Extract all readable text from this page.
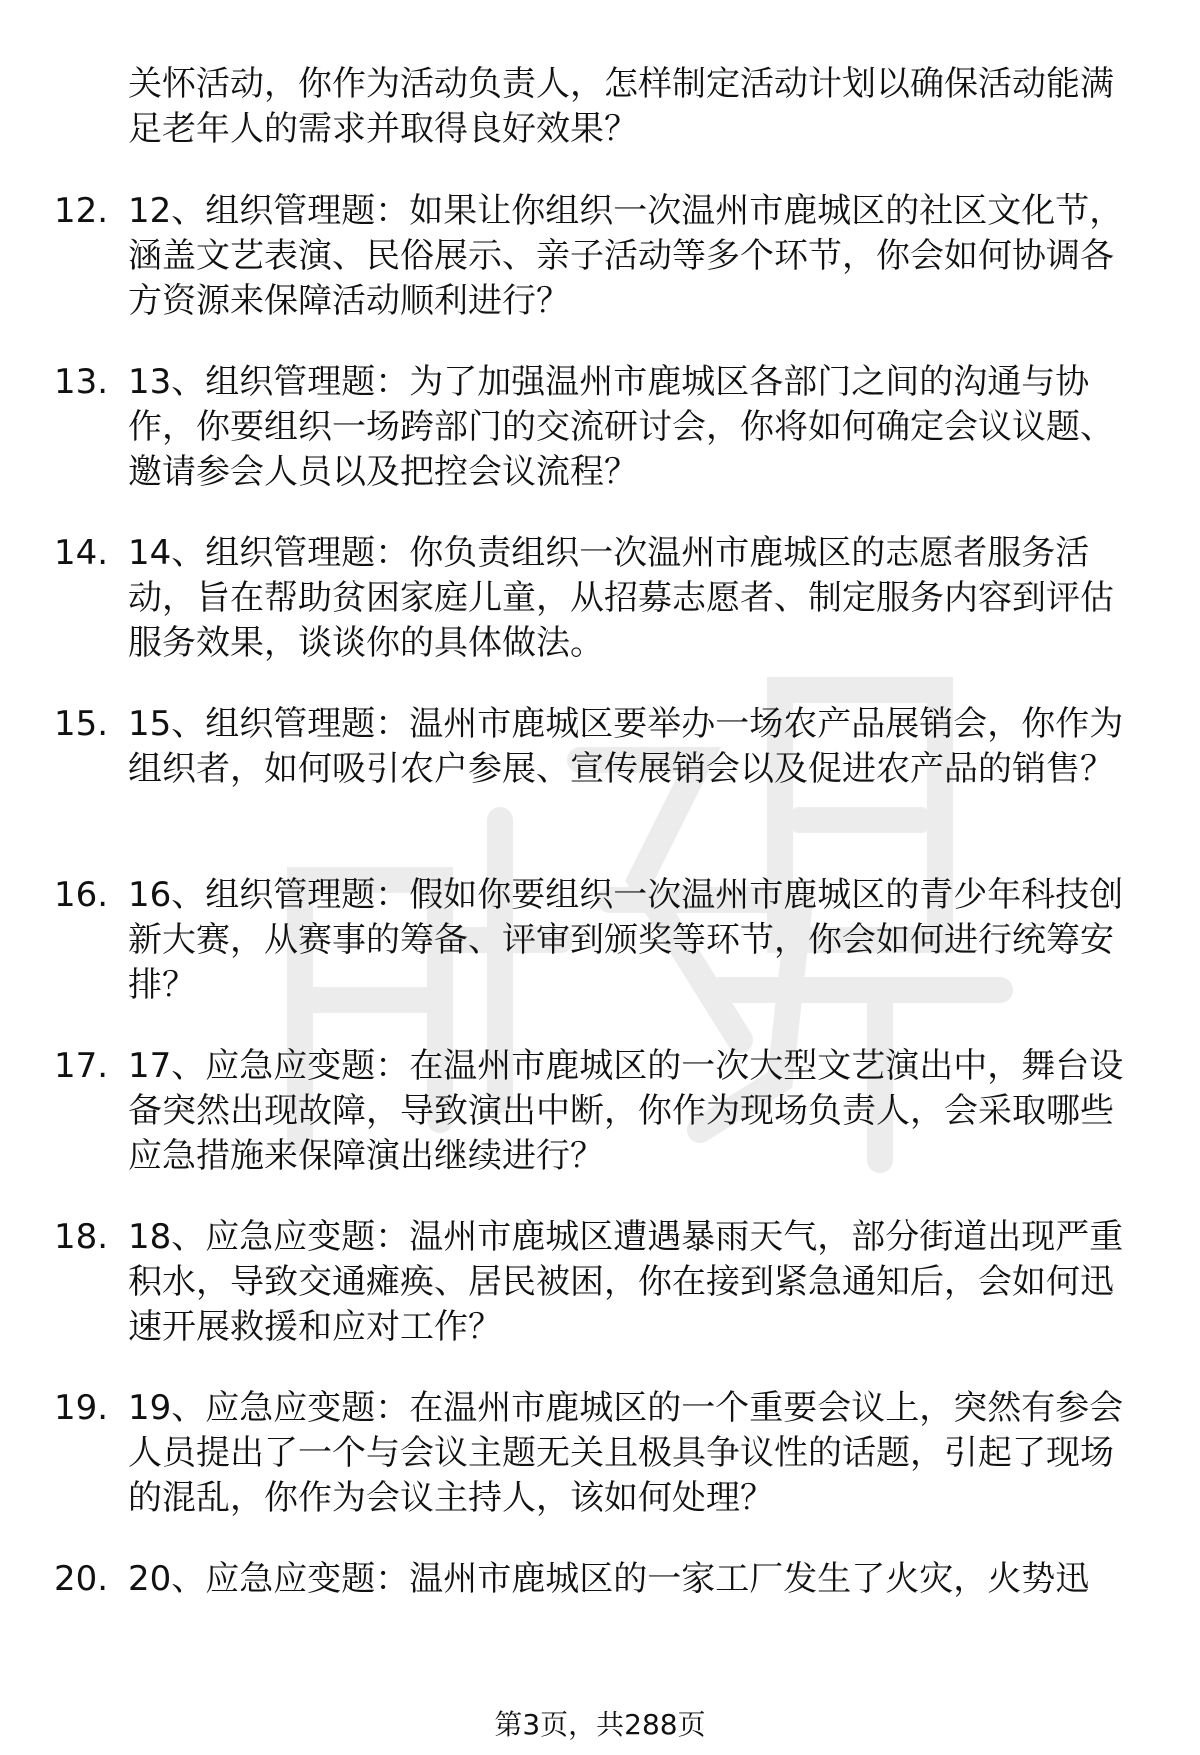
关怀活动，你作为活动负责人，怎样制定活动计划以确保活动能满足老年人的需求并取得良好效果？
12. 12、组织管理题：如果让你组织一次温州市鹿城区的社区文化节，涵盖文艺表演、民俗展示、亲子活动等多个环节，你会如何协调各方资源来保障活动顺利进行？
13. 13、组织管理题：为了加强温州市鹿城区各部门之间的沟通与协作，你要组织一场跨部门的交流研讨会，你将如何确定会议议题、邀请参会人员以及把控会议流程？
14. 14、组织管理题：你负责组织一次温州市鹿城区的志愿者服务活动，旨在帮助贫困家庭儿童，从招募志愿者、制定服务内容到评估服务效果，谈谈你的具体做法。
15. 15、组织管理题：温州市鹿城区要举办一场农产品展销会，你作为组织者，如何吸引农户参展、宣传展销会以及促进农产品的销售？
16. 16、组织管理题：假如你要组织一次温州市鹿城区的青少年科技创新大赛，从赛事的筹备、评审到颁奖等环节，你会如何进行统筹安排？
17. 17、应急应变题：在温州市鹿城区的一次大型文艺演出中，舞台设备突然出现故障，导致演出中断，你作为现场负责人，会采取哪些应急措施来保障演出继续进行？
18. 18、应急应变题：温州市鹿城区遭遇暴雨天气，部分街道出现严重积水，导致交通瘫痪、居民被困，你在接到紧急通知后，会如何迅速开展救援和应对工作？
19. 19、应急应变题：在温州市鹿城区的一个重要会议上，突然有参会人员提出了一个与会议主题无关且极具争议性的话题，引起了现场的混乱，你作为会议主持人，该如何处理？
20. 20、应急应变题：温州市鹿城区的一家工厂发生了火灾，火势迅
第3页，共288页
